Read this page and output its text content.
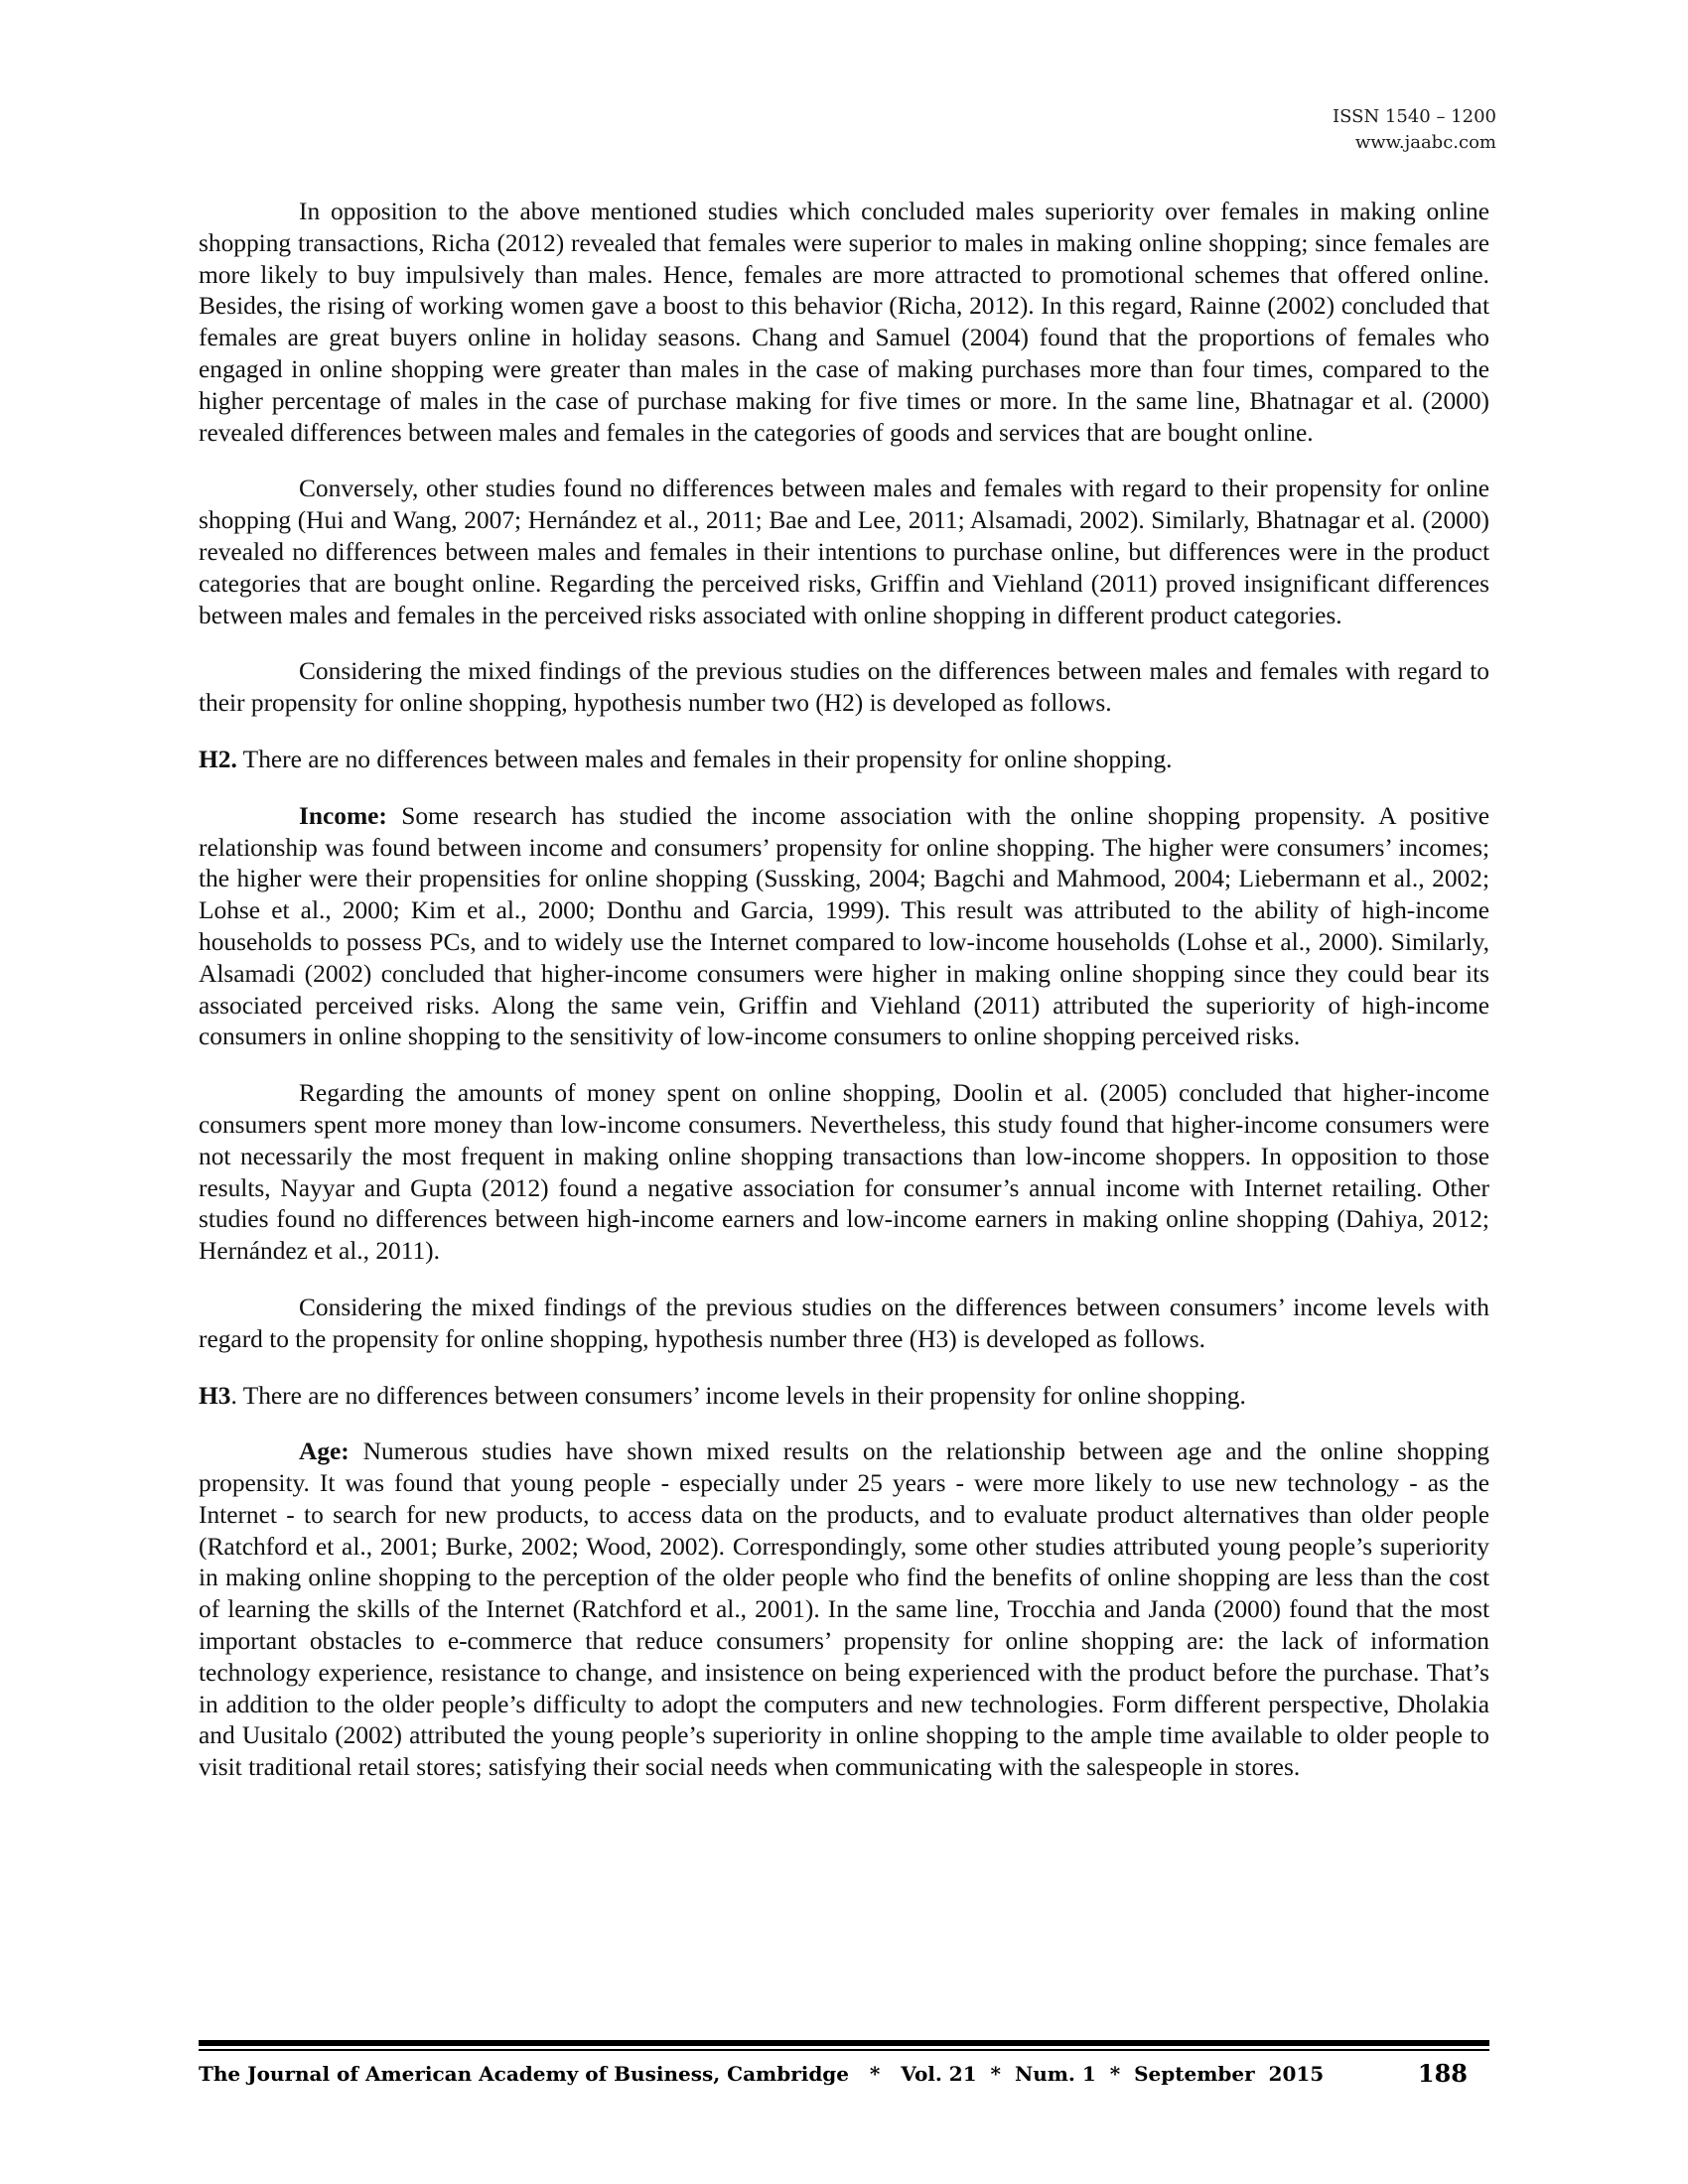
ISSN 1540 – 1200
www.jaabc.com

In opposition to the above mentioned studies which concluded males superiority over females in making online shopping transactions, Richa (2012) revealed that females were superior to males in making online shopping; since females are more likely to buy impulsively than males. Hence, females are more attracted to promotional schemes that offered online. Besides, the rising of working women gave a boost to this behavior (Richa, 2012). In this regard, Rainne (2002) concluded that females are great buyers online in holiday seasons. Chang and Samuel (2004) found that the proportions of females who engaged in online shopping were greater than males in the case of making purchases more than four times, compared to the higher percentage of males in the case of purchase making for five times or more. In the same line, Bhatnagar et al. (2000) revealed differences between males and females in the categories of goods and services that are bought online.

Conversely, other studies found no differences between males and females with regard to their propensity for online shopping (Hui and Wang, 2007; Hernández et al., 2011; Bae and Lee, 2011; Alsamadi, 2002). Similarly, Bhatnagar et al. (2000) revealed no differences between males and females in their intentions to purchase online, but differences were in the product categories that are bought online. Regarding the perceived risks, Griffin and Viehland (2011) proved insignificant differences between males and females in the perceived risks associated with online shopping in different product categories.

Considering the mixed findings of the previous studies on the differences between males and females with regard to their propensity for online shopping, hypothesis number two (H2) is developed as follows.

H2. There are no differences between males and females in their propensity for online shopping.

Income: Some research has studied the income association with the online shopping propensity. A positive relationship was found between income and consumers’ propensity for online shopping. The higher were consumers’ incomes; the higher were their propensities for online shopping (Sussking, 2004; Bagchi and Mahmood, 2004; Liebermann et al., 2002; Lohse et al., 2000; Kim et al., 2000; Donthu and Garcia, 1999). This result was attributed to the ability of high-income households to possess PCs, and to widely use the Internet compared to low-income households (Lohse et al., 2000). Similarly, Alsamadi (2002) concluded that higher-income consumers were higher in making online shopping since they could bear its associated perceived risks. Along the same vein, Griffin and Viehland (2011) attributed the superiority of high-income consumers in online shopping to the sensitivity of low-income consumers to online shopping perceived risks.

Regarding the amounts of money spent on online shopping, Doolin et al. (2005) concluded that higher-income consumers spent more money than low-income consumers. Nevertheless, this study found that higher-income consumers were not necessarily the most frequent in making online shopping transactions than low-income shoppers. In opposition to those results, Nayyar and Gupta (2012) found a negative association for consumer’s annual income with Internet retailing. Other studies found no differences between high-income earners and low-income earners in making online shopping (Dahiya, 2012; Hernández et al., 2011).

Considering the mixed findings of the previous studies on the differences between consumers’ income levels with regard to the propensity for online shopping, hypothesis number three (H3) is developed as follows.

H3. There are no differences between consumers’ income levels in their propensity for online shopping.

Age: Numerous studies have shown mixed results on the relationship between age and the online shopping propensity. It was found that young people - especially under 25 years - were more likely to use new technology - as the Internet - to search for new products, to access data on the products, and to evaluate product alternatives than older people (Ratchford et al., 2001; Burke, 2002; Wood, 2002). Correspondingly, some other studies attributed young people’s superiority in making online shopping to the perception of the older people who find the benefits of online shopping are less than the cost of learning the skills of the Internet (Ratchford et al., 2001). In the same line, Trocchia and Janda (2000) found that the most important obstacles to e-commerce that reduce consumers’ propensity for online shopping are: the lack of information technology experience, resistance to change, and insistence on being experienced with the product before the purchase. That’s in addition to the older people’s difficulty to adopt the computers and new technologies. Form different perspective, Dholakia and Uusitalo (2002) attributed the young people’s superiority in online shopping to the ample time available to older people to visit traditional retail stores; satisfying their social needs when communicating with the salespeople in stores.

The Journal of American Academy of Business, Cambridge   *   Vol. 21  *  Num. 1  *  September  2015	188
